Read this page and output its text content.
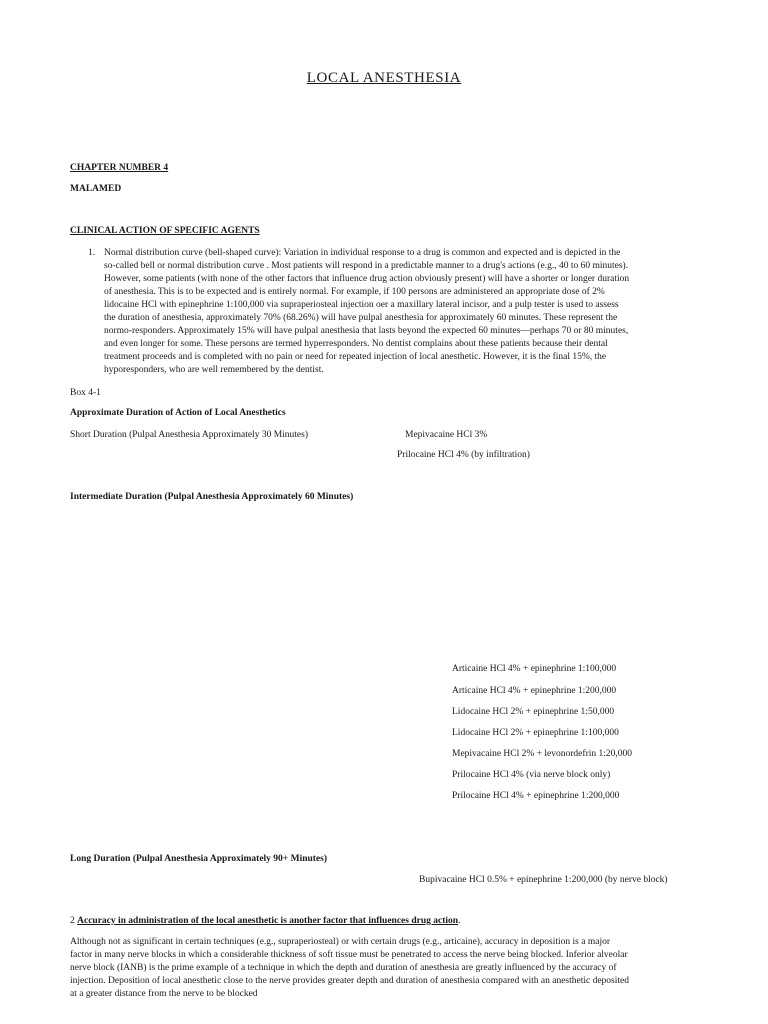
LOCAL ANESTHESIA
CHAPTER NUMBER 4
MALAMED
CLINICAL ACTION OF SPECIFIC AGENTS
1. Normal distribution curve (bell-shaped curve): Variation in individual response to a drug is common and expected and is depicted in the
so-called bell or normal distribution curve . Most patients will respond in a predictable manner to a drug's actions (e.g., 40 to 60 minutes).
However, some patients (with none of the other factors that influence drug action obviously present) will have a shorter or longer duration
of anesthesia. This is to be expected and is entirely normal. For example, if 100 persons are administered an appropriate dose of 2%
lidocaine HCl with epinephrine 1:100,000 via supraperiosteal injection oer a maxillary lateral incisor, and a pulp tester is used to assess
the duration of anesthesia, approximately 70% (68.26%) will have pulpal anesthesia for approximately 60 minutes. These represent the
normo-responders. Approximately 15% will have pulpal anesthesia that lasts beyond the expected 60 minutes—perhaps 70 or 80 minutes,
and even longer for some. These persons are termed hyperresponders. No dentist complains about these patients because their dental
treatment proceeds and is completed with no pain or need for repeated injection of local anesthetic. However, it is the final 15%, the
hyporesponders, who are well remembered by the dentist.
Box 4-1
Approximate Duration of Action of Local Anesthetics
Short Duration (Pulpal Anesthesia Approximately 30 Minutes)	Mepivacaine HCl 3%
Prilocaine HCl 4% (by infiltration)
Intermediate Duration (Pulpal Anesthesia Approximately 60 Minutes)
Articaine HCl 4% + epinephrine 1:100,000
Articaine HCl 4% + epinephrine 1:200,000
Lidocaine HCl 2% + epinephrine 1:50,000
Lidocaine HCl 2% + epinephrine 1:100,000
Mepivacaine HCl 2% + levonordefrin 1:20,000
Prilocaine HCl 4% (via nerve block only)
Prilocaine HCl 4% + epinephrine 1:200,000
Long Duration (Pulpal Anesthesia Approximately 90+ Minutes)
Bupivacaine HCl 0.5% + epinephrine 1:200,000 (by nerve block)
2 Accuracy in administration of the local anesthetic is another factor that influences drug action.
Although not as significant in certain techniques (e.g., supraperiosteal) or with certain drugs (e.g., articaine), accuracy in deposition is a major
factor in many nerve blocks in which a considerable thickness of soft tissue must be penetrated to access the nerve being blocked. Inferior alveolar
nerve block (IANB) is the prime example of a technique in which the depth and duration of anesthesia are greatly influenced by the accuracy of
injection. Deposition of local anesthetic close to the nerve provides greater depth and duration of anesthesia compared with an anesthetic deposited
at a greater distance from the nerve to be blocked
